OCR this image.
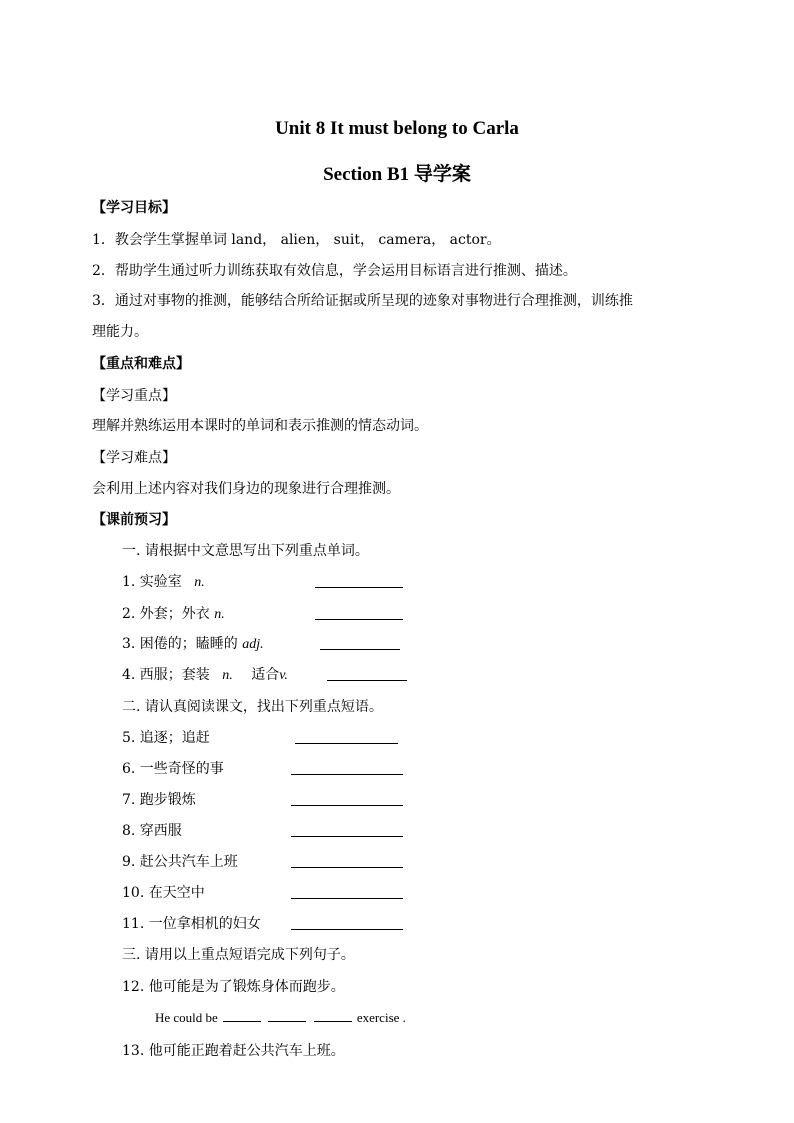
Unit 8 It must belong to Carla
Section B1 导学案
【学习目标】
1．教会学生掌握单词 land， alien， suit， camera， actor。
2．帮助学生通过听力训练获取有效信息，学会运用目标语言进行推测、描述。
3．通过对事物的推测，能够结合所给证据或所呈现的迹象对事物进行合理推测，训练推
理能力。
【重点和难点】
【学习重点】
理解并熟练运用本课时的单词和表示推测的情态动词。
【学习难点】
会利用上述内容对我们身边的现象进行合理推测。
【课前预习】
一. 请根据中文意思写出下列重点单词。
1. 实验室 n.
2. 外套；外衣 n.
3. 困倦的；瞌睡的 adj.
4. 西服；套装 n. 适合v.
二. 请认真阅读课文，找出下列重点短语。
5. 追逐；追赶
6. 一些奇怪的事
7. 跑步锻炼
8. 穿西服
9. 赶公共汽车上班
10. 在天空中
11. 一位拿相机的妇女
三. 请用以上重点短语完成下列句子。
12. 他可能是为了锻炼身体而跑步。
He could be	exercise .
13. 他可能正跑着赶公共汽车上班。
